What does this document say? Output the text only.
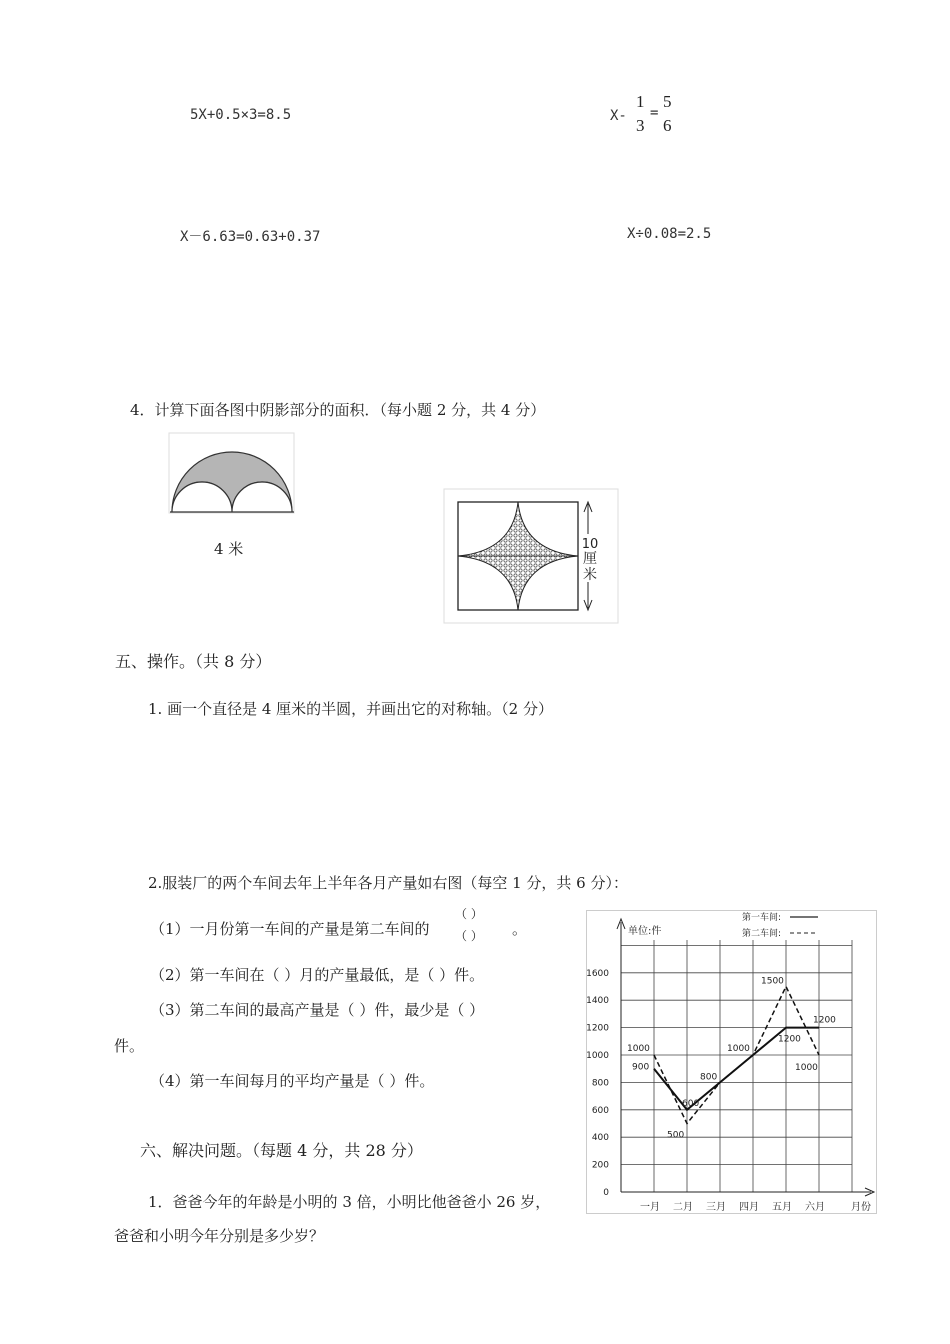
5X+0.5×3=8.5	X-
1
3
=
5
6
X－6.63=0.63+0.37	X÷0.08=2.5
4．计算下面各图中阴影部分的面积．（每小题 2 分，共 4 分）
4 米	10
厘
米
五、操作。（共 8 分）
1. 画一个直径是 4 厘米的半圆，并画出它的对称轴。（2 分）
2.服装厂的两个车间去年上半年各月产量如右图（每空 1 分，共 6 分）：
（1）一月份第一车间的产量是第二车间的
（ ）
（ ） 。
（2）第一车间在（ ）月的产量最低，是（ ）件。
（3）第二车间的最高产量是（ ）件，最少是（ ）
件。
（4）第一车间每月的平均产量是（ ）件。
六、解决问题。（每题 4 分，共 28 分）
1．爸爸今年的年龄是小明的 3 倍，小明比他爸爸小 26 岁，
爸爸和小明今年分别是多少岁？
单位:件
月份
第一车间:
第二车间:
0
200
400
600
800
1000
1200
1400
1600
一月 二月 三月 四月 五月 六月
1000
900
600
500
800
1000
1500
1200
1200
1000
